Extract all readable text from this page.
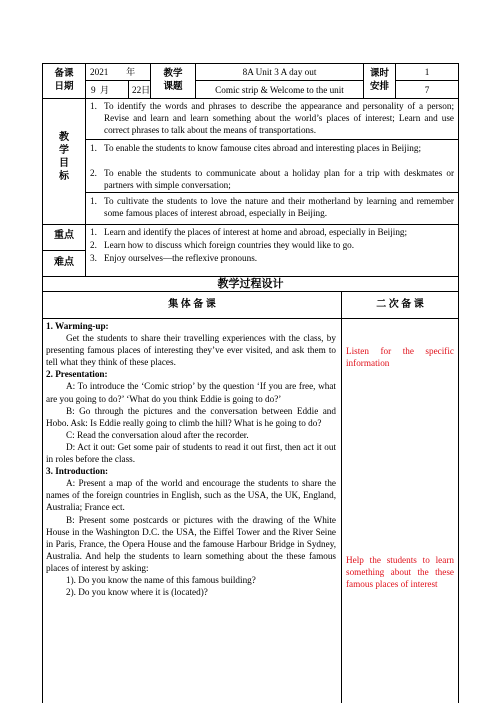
备课
日期
2021 年
9 月 22 日
教学
课题
8A Unit 3 A day out
Comic strip & Welcome to the unit
课时
安排
1
7
教
学
目
标
1. To identify the words and phrases to describe the appearance and personality of a person; Revise and learn and learn something about the world’s places of interest; Learn and use correct phrases to talk about the means of transportations.
1. To enable the students to know famouse cites abroad and interesting places in Beijing;
2. To enable the students to communicate about a holiday plan for a trip with deskmates or partners with simple conversation;
1. To cultivate the students to love the nature and their motherland by learning and remember some famous places of interest abroad, especially in Beijing.
重点
难点
1. Learn and identify the places of interest at home and abroad, especially in Beijing;
2. Learn how to discuss which foreign countries they would like to go.
3. Enjoy ourselves—the reflexive pronouns.
教学过程设计
集 体 备 课	二 次 备 课
1. Warming-up:
Get the students to share their travelling experiences with the class, by presenting famous places of interesting they’ve ever visited, and ask them to tell what they think of these places.
2. Presentation:
A: To introduce the ‘Comic striop’ by the question ‘If you are free, what are you going to do?’ ‘What do you think Eddie is going to do?’
B: Go through the pictures and the conversation between Eddie and Hobo. Ask: Is Eddie really going to climb the hill? What is he going to do?
C: Read the conversation aloud after the recorder.
D: Act it out: Get some pair of students to read it out first, then act it out in roles before the class.
3. Introduction:
A: Present a map of the world and encourage the students to share the names of the foreign countries in English, such as the USA, the UK, England, Australia; France ect.
B: Present some postcards or pictures with the drawing of the White House in the Washington D.C. the USA, the Eiffel Tower and the River Seine in Paris, France, the Opera House and the famouse Harbour Bridge in Sydney, Australia. And help the students to learn something about the these famous places of interest by asking:
1). Do you know the name of this famous building?
2). Do you know where it is (located)?
Listen for the specific information
Help the students to learn something about the these famous places of interest
